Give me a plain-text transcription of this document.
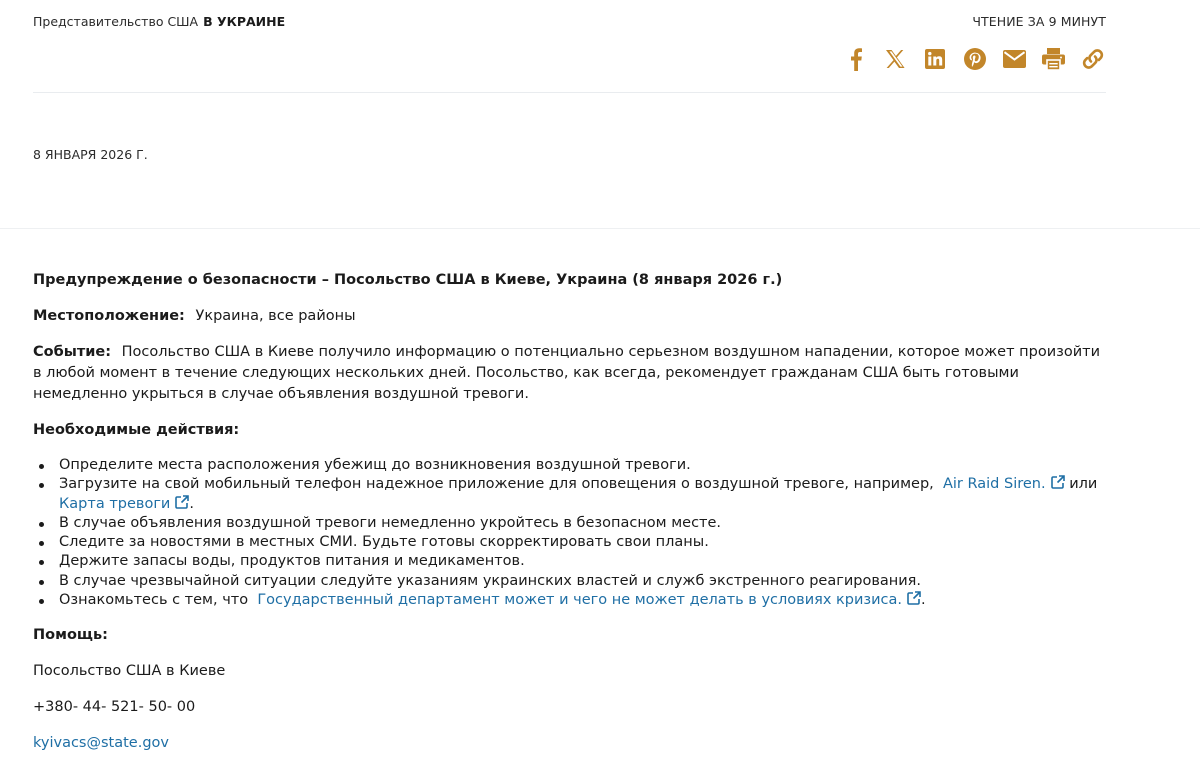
Представительство США В УКРАИНЕ	ЧТЕНИЕ ЗА 9 МИНУТ
8 ЯНВАРЯ 2026 Г.

Предупреждение о безопасности – Посольство США в Киеве, Украина (8 января 2026 г.)

Местоположение: Украина, все районы

Событие: Посольство США в Киеве получило информацию о потенциально серьезном воздушном нападении, которое может произойти в любой момент в течение следующих нескольких дней. Посольство, как всегда, рекомендует гражданам США быть готовыми немедленно укрыться в случае объявления воздушной тревоги.

Необходимые действия:

Определите места расположения убежищ до возникновения воздушной тревоги.
Загрузите на свой мобильный телефон надежное приложение для оповещения о воздушной тревоге, например, Air Raid Siren. или Карта тревоги .
В случае объявления воздушной тревоги немедленно укройтесь в безопасном месте.
Следите за новостями в местных СМИ. Будьте готовы скорректировать свои планы.
Держите запасы воды, продуктов питания и медикаментов.
В случае чрезвычайной ситуации следуйте указаниям украинских властей и служб экстренного реагирования.
Ознакомьтесь с тем, что Государственный департамент может и чего не может делать в условиях кризиса. .

Помощь:

Посольство США в Киеве

+380- 44- 521- 50- 00

kyivacs@state.gov
